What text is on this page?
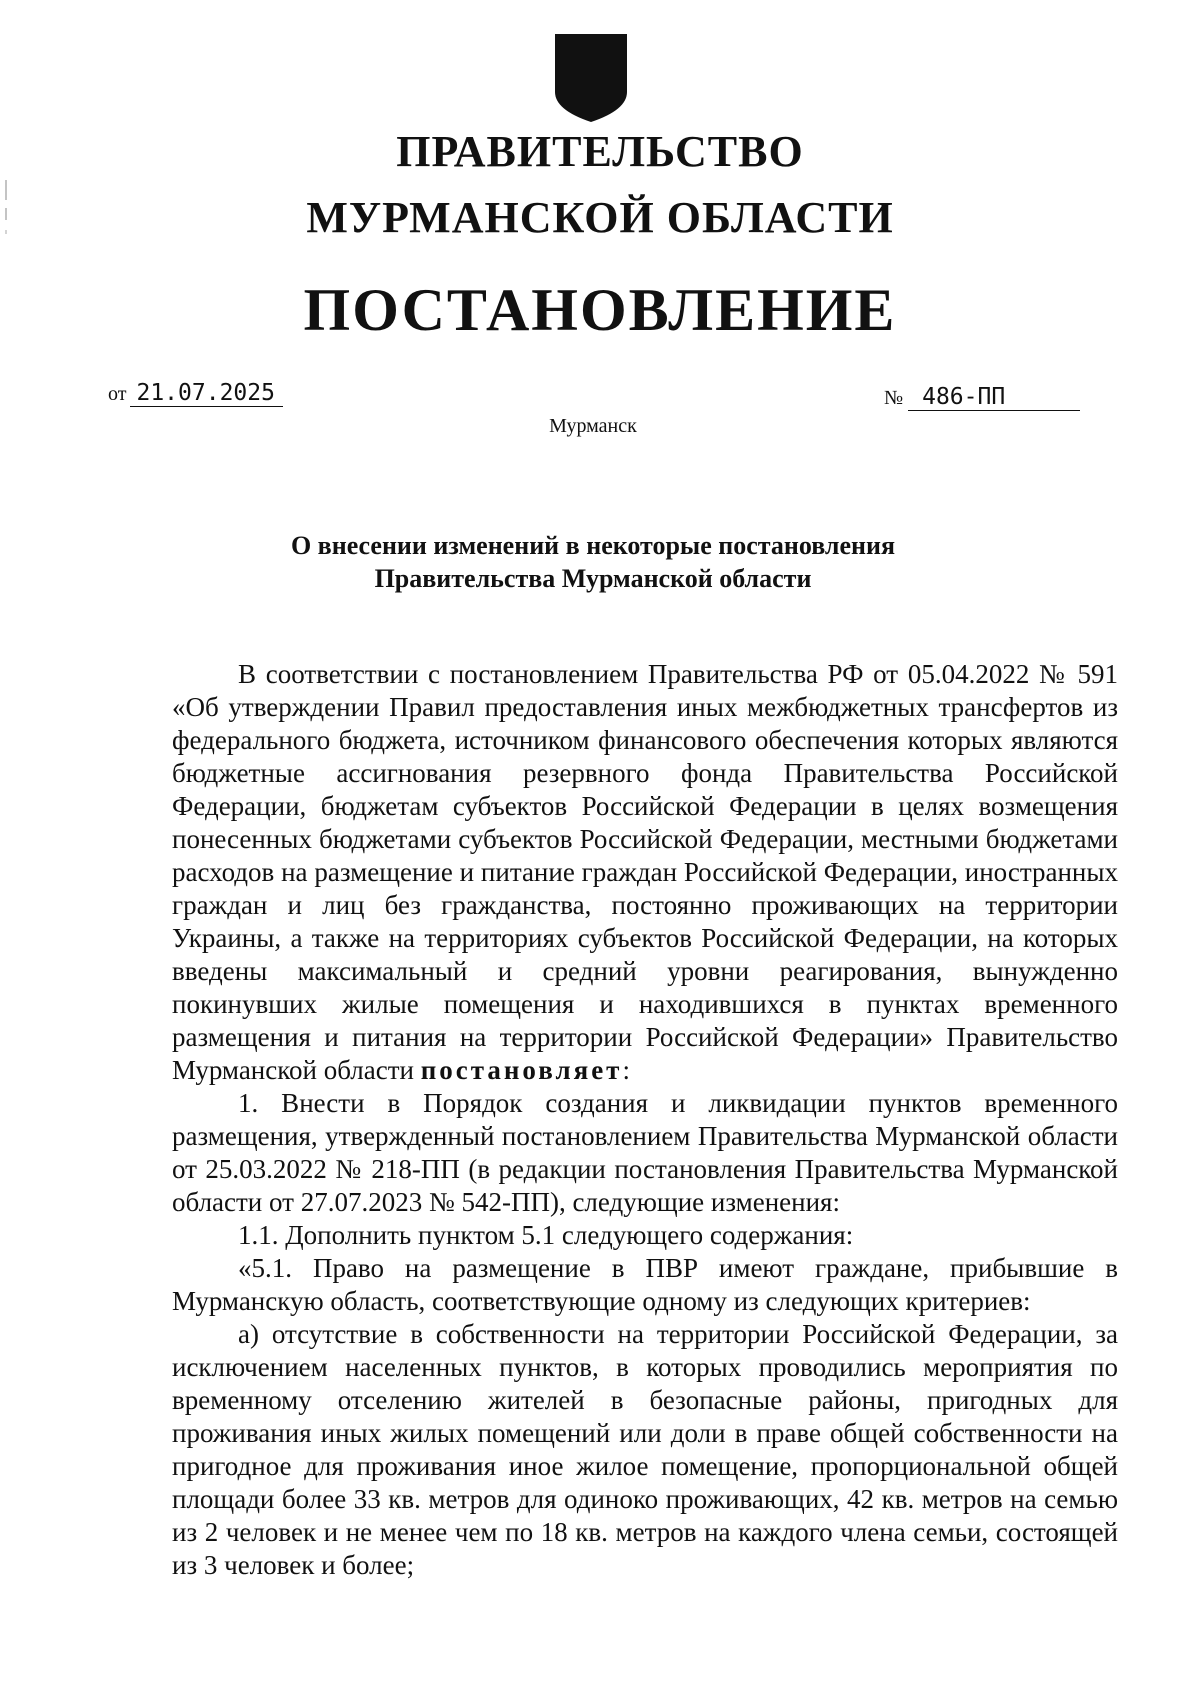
ПРАВИТЕЛЬСТВО
МУРМАНСКОЙ ОБЛАСТИ
ПОСТАНОВЛЕНИЕ
от 21.07.2025	№ 486-ПП
Мурманск
О внесении изменений в некоторые постановления
Правительства Мурманской области

В соответствии с постановлением Правительства РФ от 05.04.2022 № 591 «Об утверждении Правил предоставления иных межбюджетных трансфертов из федерального бюджета, источником финансового обеспечения которых являются бюджетные ассигнования резервного фонда Правительства Российской Федерации, бюджетам субъектов Российской Федерации в целях возмещения понесенных бюджетами субъектов Российской Федерации, местными бюджетами расходов на размещение и питание граждан Российской Федерации, иностранных граждан и лиц без гражданства, постоянно проживающих на территории Украины, а также на территориях субъектов Российской Федерации, на которых введены максимальный и средний уровни реагирования, вынужденно покинувших жилые помещения и находившихся в пунктах временного размещения и питания на территории Российской Федерации» Правительство Мурманской области постановляет:

1. Внести в Порядок создания и ликвидации пунктов временного размещения, утвержденный постановлением Правительства Мурманской области от 25.03.2022 № 218-ПП (в редакции постановления Правительства Мурманской области от 27.07.2023 № 542-ПП), следующие изменения:

1.1. Дополнить пунктом 5.1 следующего содержания:

«5.1. Право на размещение в ПВР имеют граждане, прибывшие в Мурманскую область, соответствующие одному из следующих критериев:

а) отсутствие в собственности на территории Российской Федерации, за исключением населенных пунктов, в которых проводились мероприятия по временному отселению жителей в безопасные районы, пригодных для проживания иных жилых помещений или доли в праве общей собственности на пригодное для проживания иное жилое помещение, пропорциональной общей площади более 33 кв. метров для одиноко проживающих, 42 кв. метров на семью из 2 человек и не менее чем по 18 кв. метров на каждого члена семьи, состоящей из 3 человек и более;
